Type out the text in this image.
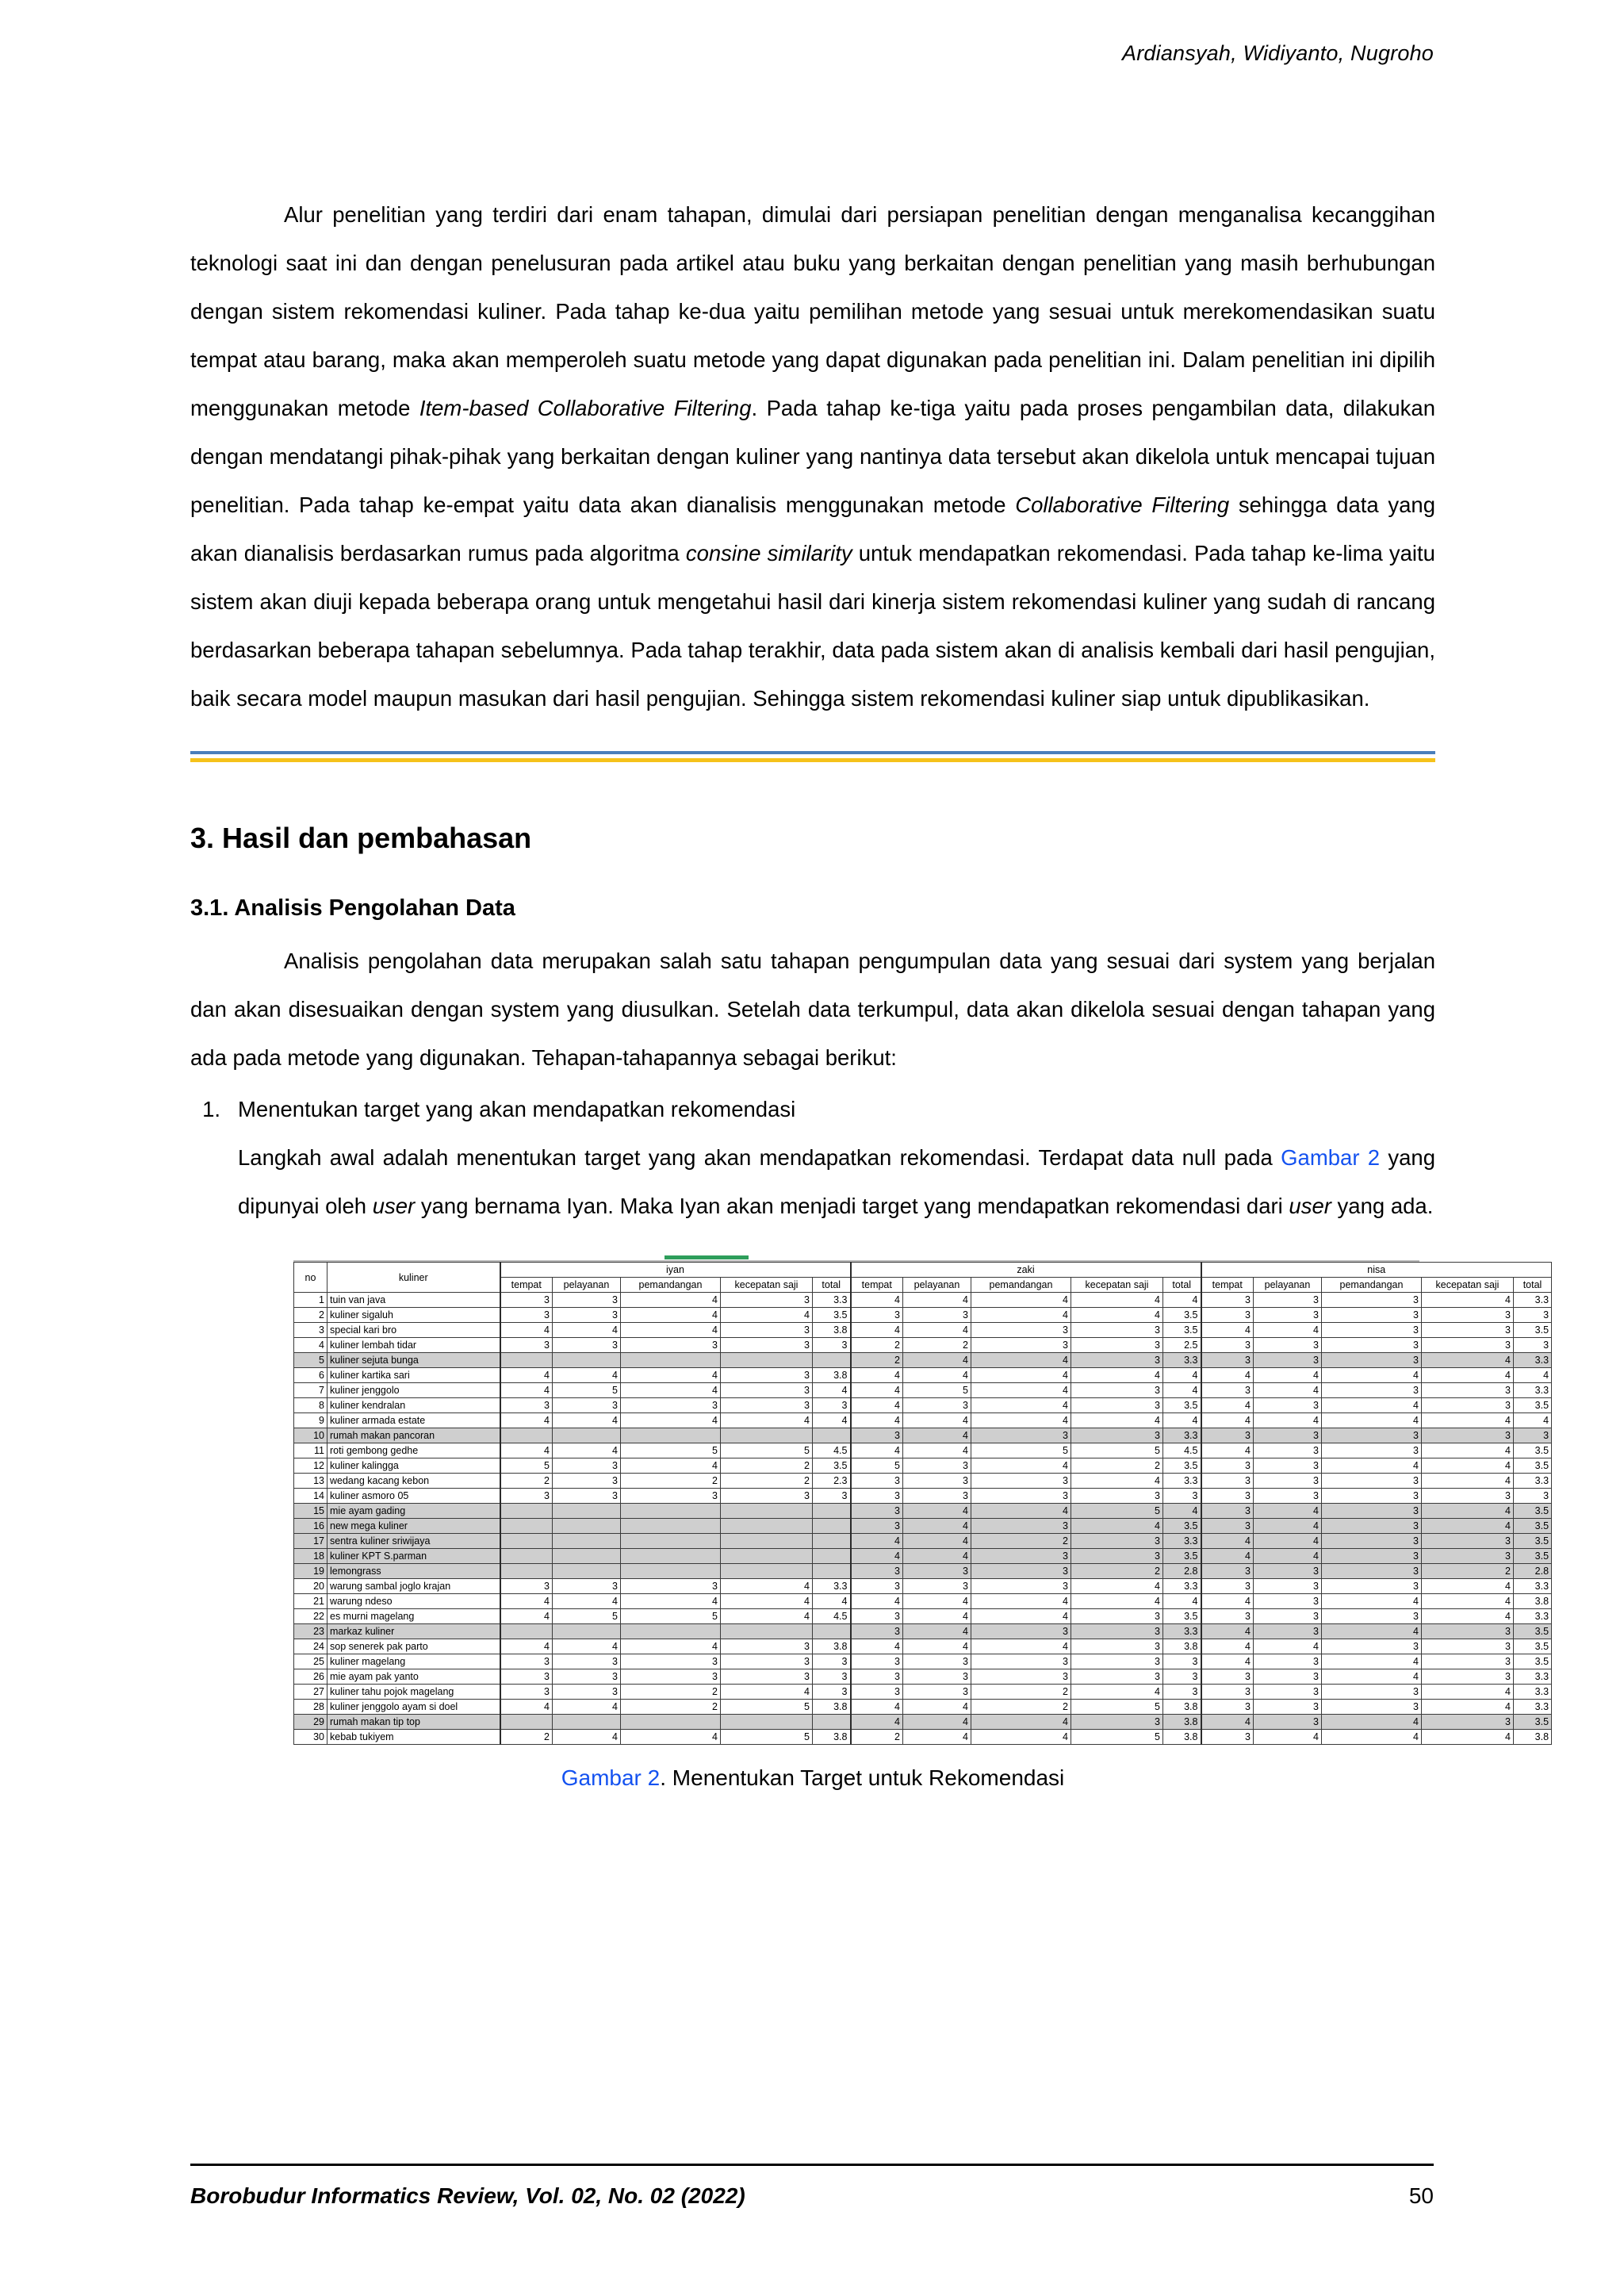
Ardiansyah, Widiyanto, Nugroho

Alur penelitian yang terdiri dari enam tahapan, dimulai dari persiapan penelitian dengan menganalisa kecanggihan teknologi saat ini dan dengan penelusuran pada artikel atau buku yang berkaitan dengan penelitian yang masih berhubungan dengan sistem rekomendasi kuliner. Pada tahap ke-dua yaitu pemilihan metode yang sesuai untuk merekomendasikan suatu tempat atau barang, maka akan memperoleh suatu metode yang dapat digunakan pada penelitian ini. Dalam penelitian ini dipilih menggunakan metode Item-based Collaborative Filtering. Pada tahap ke-tiga yaitu pada proses pengambilan data, dilakukan dengan mendatangi pihak-pihak yang berkaitan dengan kuliner yang nantinya data tersebut akan dikelola untuk mencapai tujuan penelitian. Pada tahap ke-empat yaitu data akan dianalisis menggunakan metode Collaborative Filtering sehingga data yang akan dianalisis berdasarkan rumus pada algoritma consine similarity untuk mendapatkan rekomendasi. Pada tahap ke-lima yaitu sistem akan diuji kepada beberapa orang untuk mengetahui hasil dari kinerja sistem rekomendasi kuliner yang sudah di rancang berdasarkan beberapa tahapan sebelumnya. Pada tahap terakhir, data pada sistem akan di analisis kembali dari hasil pengujian, baik secara model maupun masukan dari hasil pengujian. Sehingga sistem rekomendasi kuliner siap untuk dipublikasikan.

3. Hasil dan pembahasan
3.1. Analisis Pengolahan Data

Analisis pengolahan data merupakan salah satu tahapan pengumpulan data yang sesuai dari system yang berjalan dan akan disesuaikan dengan system yang diusulkan. Setelah data terkumpul, data akan dikelola sesuai dengan tahapan yang ada pada metode yang digunakan. Tehapan-tahapannya sebagai berikut:

1. Menentukan target yang akan mendapatkan rekomendasi

Langkah awal adalah menentukan target yang akan mendapatkan rekomendasi. Terdapat data null pada Gambar 2 yang dipunyai oleh user yang bernama Iyan. Maka Iyan akan menjadi target yang mendapatkan rekomendasi dari user yang ada.

no	kuliner	iyan					zaki					nisa				
		tempat	pelayanan	pemandangan	kecepatan saji	total	tempat	pelayanan	pemandangan	kecepatan saji	total	tempat	pelayanan	pemandangan	kecepatan saji	total
1	tuin van java	3	3	4	3	3.3	4	4	4	4	4	3	3	3	4	3.3
2	kuliner sigaluh	3	3	4	4	3.5	3	3	4	4	3.5	3	3	3	3	3
3	special kari bro	4	4	4	3	3.8	4	4	3	3	3.5	4	4	3	3	3.5
4	kuliner lembah tidar	3	3	3	3	3	2	2	3	3	2.5	3	3	3	3	3
5	kuliner sejuta bunga						2	4	4	3	3.3	3	3	3	4	3.3
6	kuliner kartika sari	4	4	4	3	3.8	4	4	4	4	4	4	4	4	4	4
7	kuliner jenggolo	4	5	4	3	4	4	5	4	3	4	3	4	3	3	3.3
8	kuliner kendralan	3	3	3	3	3	4	3	4	3	3.5	4	3	4	3	3.5
9	kuliner armada estate	4	4	4	4	4	4	4	4	4	4	4	4	4	4	4
10	rumah makan pancoran						3	4	3	3	3.3	3	3	3	3	3
11	roti gembong gedhe	4	4	5	5	4.5	4	4	5	5	4.5	4	3	3	4	3.5
12	kuliner kalingga	5	3	4	2	3.5	5	3	4	2	3.5	3	3	4	4	3.5
13	wedang kacang kebon	2	3	2	2	2.3	3	3	3	4	3.3	3	3	3	4	3.3
14	kuliner asmoro 05	3	3	3	3	3	3	3	3	3	3	3	3	3	3	3
15	mie ayam gading						3	4	4	5	4	3	4	3	4	3.5
16	new mega kuliner						3	4	3	4	3.5	3	4	3	4	3.5
17	sentra kuliner sriwijaya						4	4	2	3	3.3	4	4	3	3	3.5
18	kuliner KPT S.parman						4	4	3	3	3.5	4	4	3	3	3.5
19	lemongrass						3	3	3	2	2.8	3	3	3	2	2.8
20	warung sambal joglo krajan	3	3	3	4	3.3	3	3	3	4	3.3	3	3	3	4	3.3
21	warung ndeso	4	4	4	4	4	4	4	4	4	4	4	3	4	4	3.8
22	es murni magelang	4	5	5	4	4.5	3	4	4	3	3.5	3	3	3	4	3.3
23	markaz kuliner						3	4	3	3	3.3	4	3	4	3	3.5
24	sop senerek pak parto	4	4	4	3	3.8	4	4	4	3	3.8	4	4	3	3	3.5
25	kuliner magelang	3	3	3	3	3	3	3	3	3	3	4	3	4	3	3.5
26	mie ayam pak yanto	3	3	3	3	3	3	3	3	3	3	3	3	4	3	3.3
27	kuliner tahu pojok magelang	3	3	2	4	3	3	3	2	4	3	3	3	3	4	3.3
28	kuliner jenggolo ayam si doel	4	4	2	5	3.8	4	4	2	5	3.8	3	3	3	4	3.3
29	rumah makan tip top						4	4	4	3	3.8	4	3	4	3	3.5
30	kebab tukiyem	2	4	4	5	3.8	2	4	4	5	3.8	3	4	4	4	3.8
Gambar 2. Menentukan Target untuk Rekomendasi
Borobudur Informatics Review, Vol. 02, No. 02 (2022)	50
